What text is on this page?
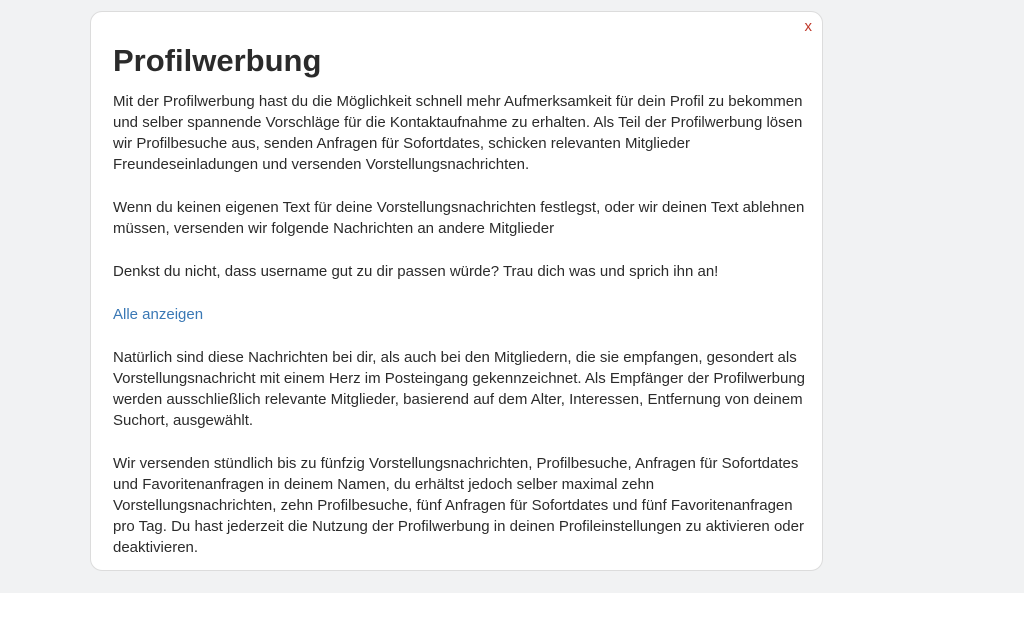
x
Profilwerbung

Mit der Profilwerbung hast du die Möglichkeit schnell mehr Aufmerksamkeit für dein Profil zu bekommen und selber spannende Vorschläge für die Kontaktaufnahme zu erhalten. Als Teil der Profilwerbung lösen wir Profilbesuche aus, senden Anfragen für Sofortdates, schicken relevanten Mitglieder Freundeseinladungen und versenden Vorstellungsnachrichten.

Wenn du keinen eigenen Text für deine Vorstellungsnachrichten festlegst, oder wir deinen Text ablehnen müssen, versenden wir folgende Nachrichten an andere Mitglieder

Denkst du nicht, dass username gut zu dir passen würde? Trau dich was und sprich ihn an!

Alle anzeigen

Natürlich sind diese Nachrichten bei dir, als auch bei den Mitgliedern, die sie empfangen, gesondert als Vorstellungsnachricht mit einem Herz im Posteingang gekennzeichnet. Als Empfänger der Profilwerbung werden ausschließlich relevante Mitglieder, basierend auf dem Alter, Interessen, Entfernung von deinem Suchort, ausgewählt.

Wir versenden stündlich bis zu fünfzig Vorstellungsnachrichten, Profilbesuche, Anfragen für Sofortdates und Favoritenanfragen in deinem Namen, du erhältst jedoch selber maximal zehn Vorstellungsnachrichten, zehn Profilbesuche, fünf Anfragen für Sofortdates und fünf Favoritenanfragen pro Tag. Du hast jederzeit die Nutzung der Profilwerbung in deinen Profileinstellungen zu aktivieren oder deaktivieren.
